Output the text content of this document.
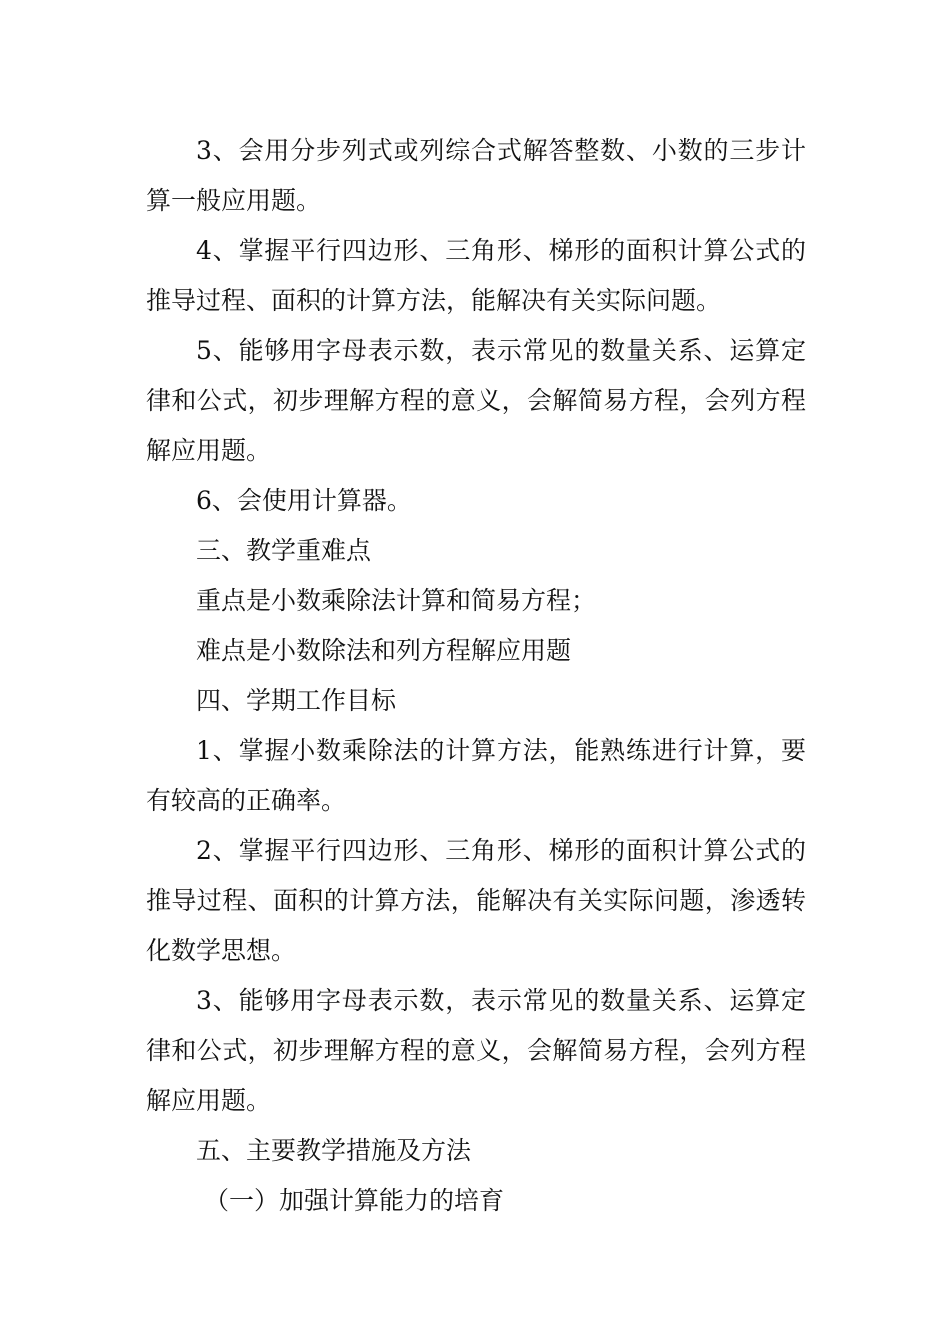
3、会用分步列式或列综合式解答整数、小数的三步计算一般应用题。

4、掌握平行四边形、三角形、梯形的面积计算公式的推导过程、面积的计算方法，能解决有关实际问题。

5、能够用字母表示数，表示常见的数量关系、运算定律和公式，初步理解方程的意义，会解简易方程，会列方程解应用题。

6、会使用计算器。

三、教学重难点

重点是小数乘除法计算和简易方程；

难点是小数除法和列方程解应用题

四、学期工作目标

1、掌握小数乘除法的计算方法，能熟练进行计算，要有较高的正确率。

2、掌握平行四边形、三角形、梯形的面积计算公式的推导过程、面积的计算方法，能解决有关实际问题，渗透转化数学思想。

3、能够用字母表示数，表示常见的数量关系、运算定律和公式，初步理解方程的意义，会解简易方程，会列方程解应用题。

五、主要教学措施及方法

（一）加强计算能力的培育
